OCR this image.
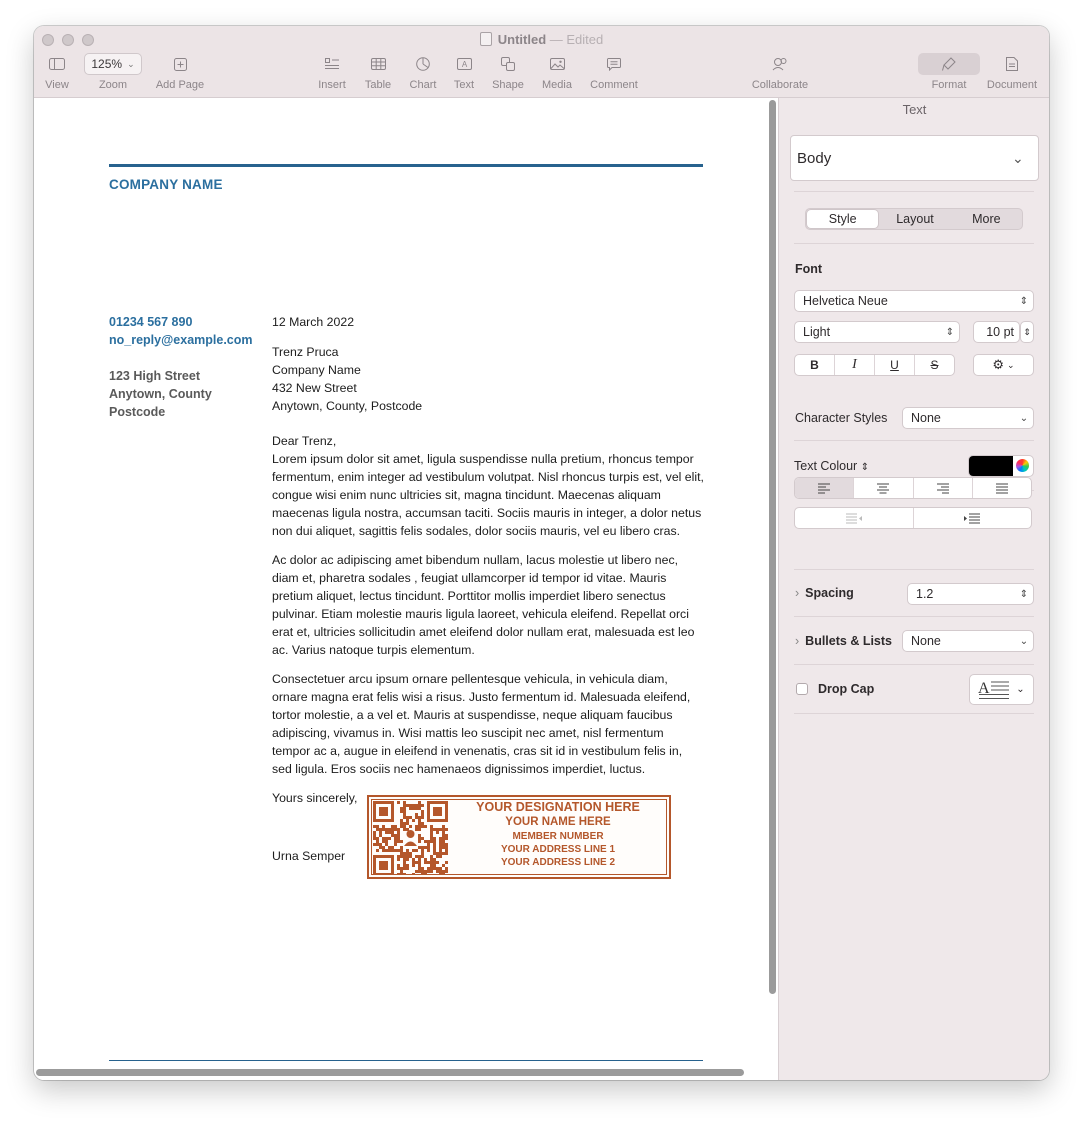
Untitled — Edited
View
125% ⌄
Zoom	Add Page	Insert Table Chart
A
Text	Shape Media Comment	Collaborate	Format	Document
COMPANY NAME
01234 567 890
no_reply@example.com
123 High Street
Anytown, County
Postcode
12 March 2022
Trenz Pruca
Company Name
432 New Street
Anytown, County, Postcode
Dear Trenz,
Lorem ipsum dolor sit amet, ligula suspendisse nulla pretium, rhoncus tempor fermentum, enim integer ad vestibulum volutpat. Nisl rhoncus turpis est, vel elit, congue wisi enim nunc ultricies sit, magna tincidunt. Maecenas aliquam maecenas ligula nostra, accumsan taciti. Sociis mauris in integer, a dolor netus non dui aliquet, sagittis felis sodales, dolor sociis mauris, vel eu libero cras.
Ac dolor ac adipiscing amet bibendum nullam, lacus molestie ut libero nec, diam et, pharetra sodales , feugiat ullamcorper id tempor id vitae. Mauris pretium aliquet, lectus tincidunt. Porttitor mollis imperdiet libero senectus pulvinar. Etiam molestie mauris ligula laoreet, vehicula eleifend. Repellat orci erat et, ultricies sollicitudin amet eleifend dolor nullam erat, malesuada est leo ac. Varius natoque turpis elementum.
Consectetuer arcu ipsum ornare pellentesque vehicula, in vehicula diam, ornare magna erat felis wisi a risus. Justo fermentum id. Malesuada eleifend, tortor molestie, a a vel et. Mauris at suspendisse, neque aliquam faucibus adipiscing, vivamus in. Wisi mattis leo suscipit nec amet, nisl fermentum tempor ac a, augue in eleifend in venenatis, cras sit id in vestibulum felis in, sed ligula. Eros sociis nec hamenaeos dignissimos imperdiet, luctus.
Yours sincerely,
Urna Semper
YOUR DESIGNATION HERE
YOUR NAME HERE
MEMBER NUMBER
YOUR ADDRESS LINE 1
YOUR ADDRESS LINE 2
Text
Body	⌄
Style	Layout	More
Font
Helvetica Neue	⇕
Light	⇕	10 pt ⇕
B I	U	S	⚙ ⌄
Character Styles	None	⌄
Text Colour ⇕
› Spacing	1.2	⇕
› Bullets & Lists	None	⌄
Drop Cap	A	⌄
